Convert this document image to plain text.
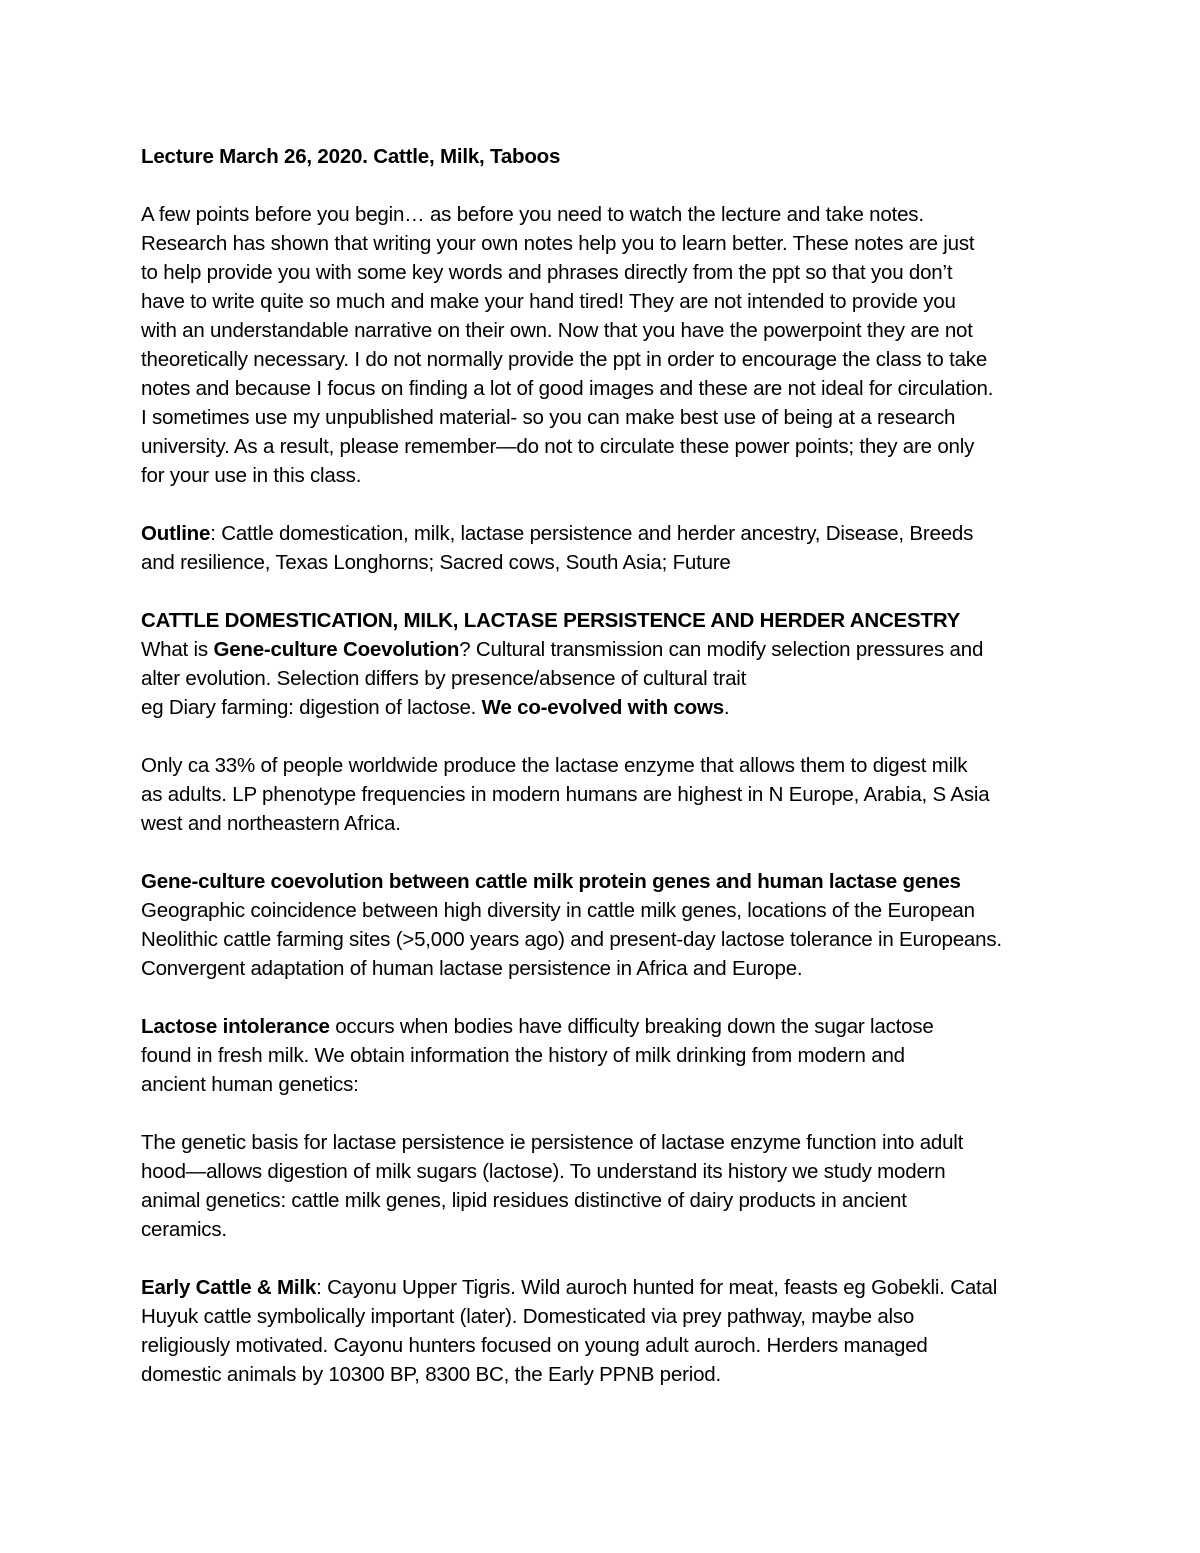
Lecture March 26, 2020. Cattle, Milk, Taboos
A few points before you begin… as before you need to watch the lecture and take notes.
Research has shown that writing your own notes help you to learn better. These notes are just
to help provide you with some key words and phrases directly from the ppt so that you don’t
have to write quite so much and make your hand tired! They are not intended to provide you
with an understandable narrative on their own. Now that you have the powerpoint they are not
theoretically necessary. I do not normally provide the ppt in order to encourage the class to take
notes and because I focus on finding a lot of good images and these are not ideal for circulation.
I sometimes use my unpublished material- so you can make best use of being at a research
university. As a result, please remember—do not to circulate these power points; they are only
for your use in this class.
Outline: Cattle domestication, milk, lactase persistence and herder ancestry, Disease, Breeds
and resilience, Texas Longhorns; Sacred cows, South Asia; Future
CATTLE DOMESTICATION, MILK, LACTASE PERSISTENCE AND HERDER ANCESTRY
What is Gene-culture Coevolution? Cultural transmission can modify selection pressures and
alter evolution. Selection differs by presence/absence of cultural trait
eg Diary farming: digestion of lactose. We co-evolved with cows.
Only ca 33% of people worldwide produce the lactase enzyme that allows them to digest milk
as adults. LP phenotype frequencies in modern humans are highest in N Europe, Arabia, S Asia
west and northeastern Africa.
Gene-culture coevolution between cattle milk protein genes and human lactase genes
Geographic coincidence between high diversity in cattle milk genes, locations of the European
Neolithic cattle farming sites (>5,000 years ago) and present-day lactose tolerance in Europeans.
Convergent adaptation of human lactase persistence in Africa and Europe.
Lactose intolerance occurs when bodies have difficulty breaking down the sugar lactose
found in fresh milk. We obtain information the history of milk drinking from modern and
ancient human genetics:
The genetic basis for lactase persistence ie persistence of lactase enzyme function into adult
hood—allows digestion of milk sugars (lactose). To understand its history we study modern
animal genetics: cattle milk genes, lipid residues distinctive of dairy products in ancient
ceramics.
Early Cattle & Milk: Cayonu Upper Tigris. Wild auroch hunted for meat, feasts eg Gobekli. Catal
Huyuk cattle symbolically important (later). Domesticated via prey pathway, maybe also
religiously motivated. Cayonu hunters focused on young adult auroch. Herders managed
domestic animals by 10300 BP, 8300 BC, the Early PPNB period.
